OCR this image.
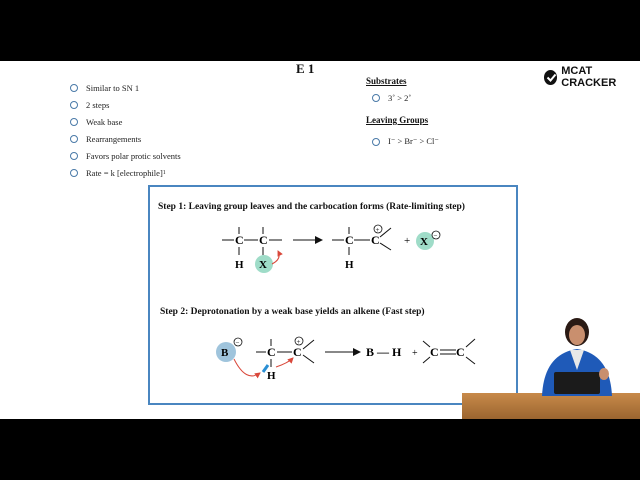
E 1	MCAT CRACKER
Similar to SN 1
2 steps
Weak base
Rearrangements
Favors polar protic solvents
Rate = k [electrophile] 1
Substrates
3˚ > 2˚
Leaving Groups
I⁻ > Br⁻ > Cl⁻
Step 1: Leaving group leaves and the carbocation forms (Rate-limiting step)
C C
H X
C C
H
+
+ X −
B
−
C C
H
+
B — H + C C
Step 2: Deprotonation by a weak base yields an alkene (Fast step)
